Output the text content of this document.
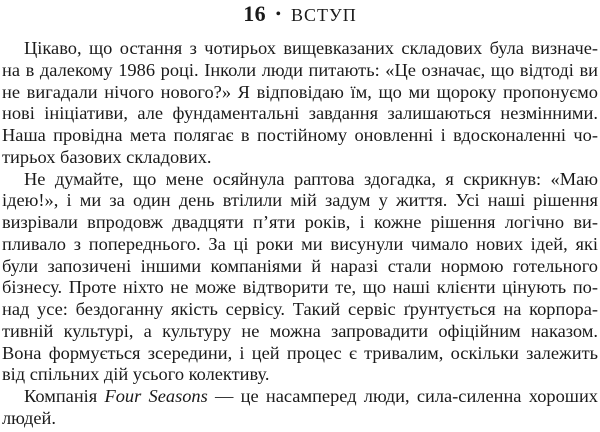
16 • ВСТУП
Цікаво, що остання з чотирьох вищевказаних складових була визначе-
на в далекому 1986 році. Інколи люди питають: «Це означає, що відтоді ви
не вигадали нічого нового?» Я відповідаю їм, що ми щороку пропонуємо
нові ініціативи, але фундаментальні завдання залишаються незмінними.
Наша провідна мета полягає в постійному оновленні і вдосконаленні чо-
тирьох базових складових.
Не думайте, що мене осяйнула раптова здогадка, я скрикнув: «Маю
ідею!», і ми за один день втілили мій задум у життя. Усі наші рішення
визрівали впродовж двадцяти п’яти років, і кожне рішення логічно ви-
пливало з попереднього. За ці роки ми висунули чимало нових ідей, які
були запозичені іншими компаніями й наразі стали нормою готельного
бізнесу. Проте ніхто не може відтворити те, що наші клієнти цінують по-
над усе: бездоганну якість сервісу. Такий сервіс ґрунтується на корпора-
тивній культурі, а культуру не можна запровадити офіційним наказом.
Вона формується зсередини, і цей процес є тривалим, оскільки залежить
від спільних дій усього колективу.
Компанія Four Seasons — це насамперед люди, сила-силенна хороших
людей.
